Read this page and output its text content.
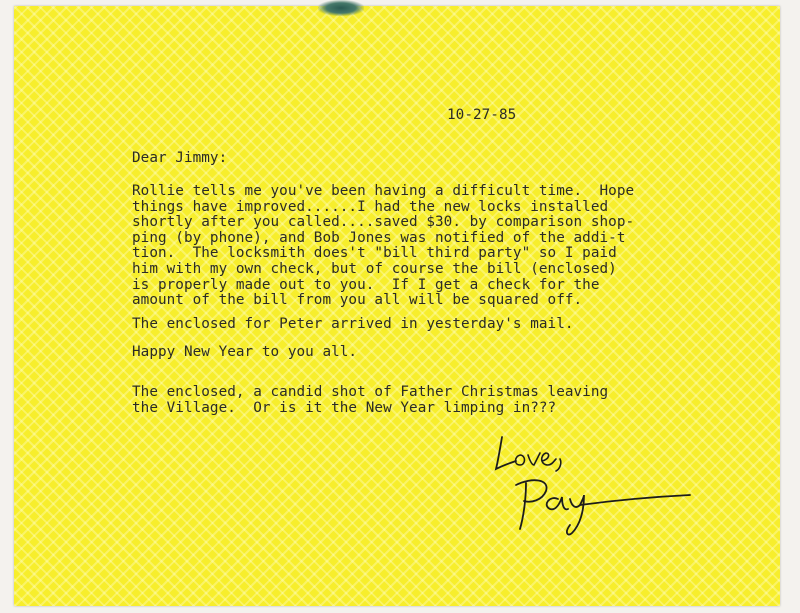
10-27-85

Dear Jimmy:

Rollie tells me you've been having a difficult time.  Hope

things have improved......I had the new locks installed

shortly after you called....saved $30. by comparison shop-

ping (by phone), and Bob Jones was notified of the addi-t

tion.  The locksmith does't "bill third party" so I paid

him with my own check, but of course the bill (enclosed)

is properly made out to you.  If I get a check for the

amount of the bill from you all will be squared off.

The enclosed for Peter arrived in yesterday's mail.

Happy New Year to you all.

The enclosed, a candid shot of Father Christmas leaving

the Village.  Or is it the New Year limping in???
